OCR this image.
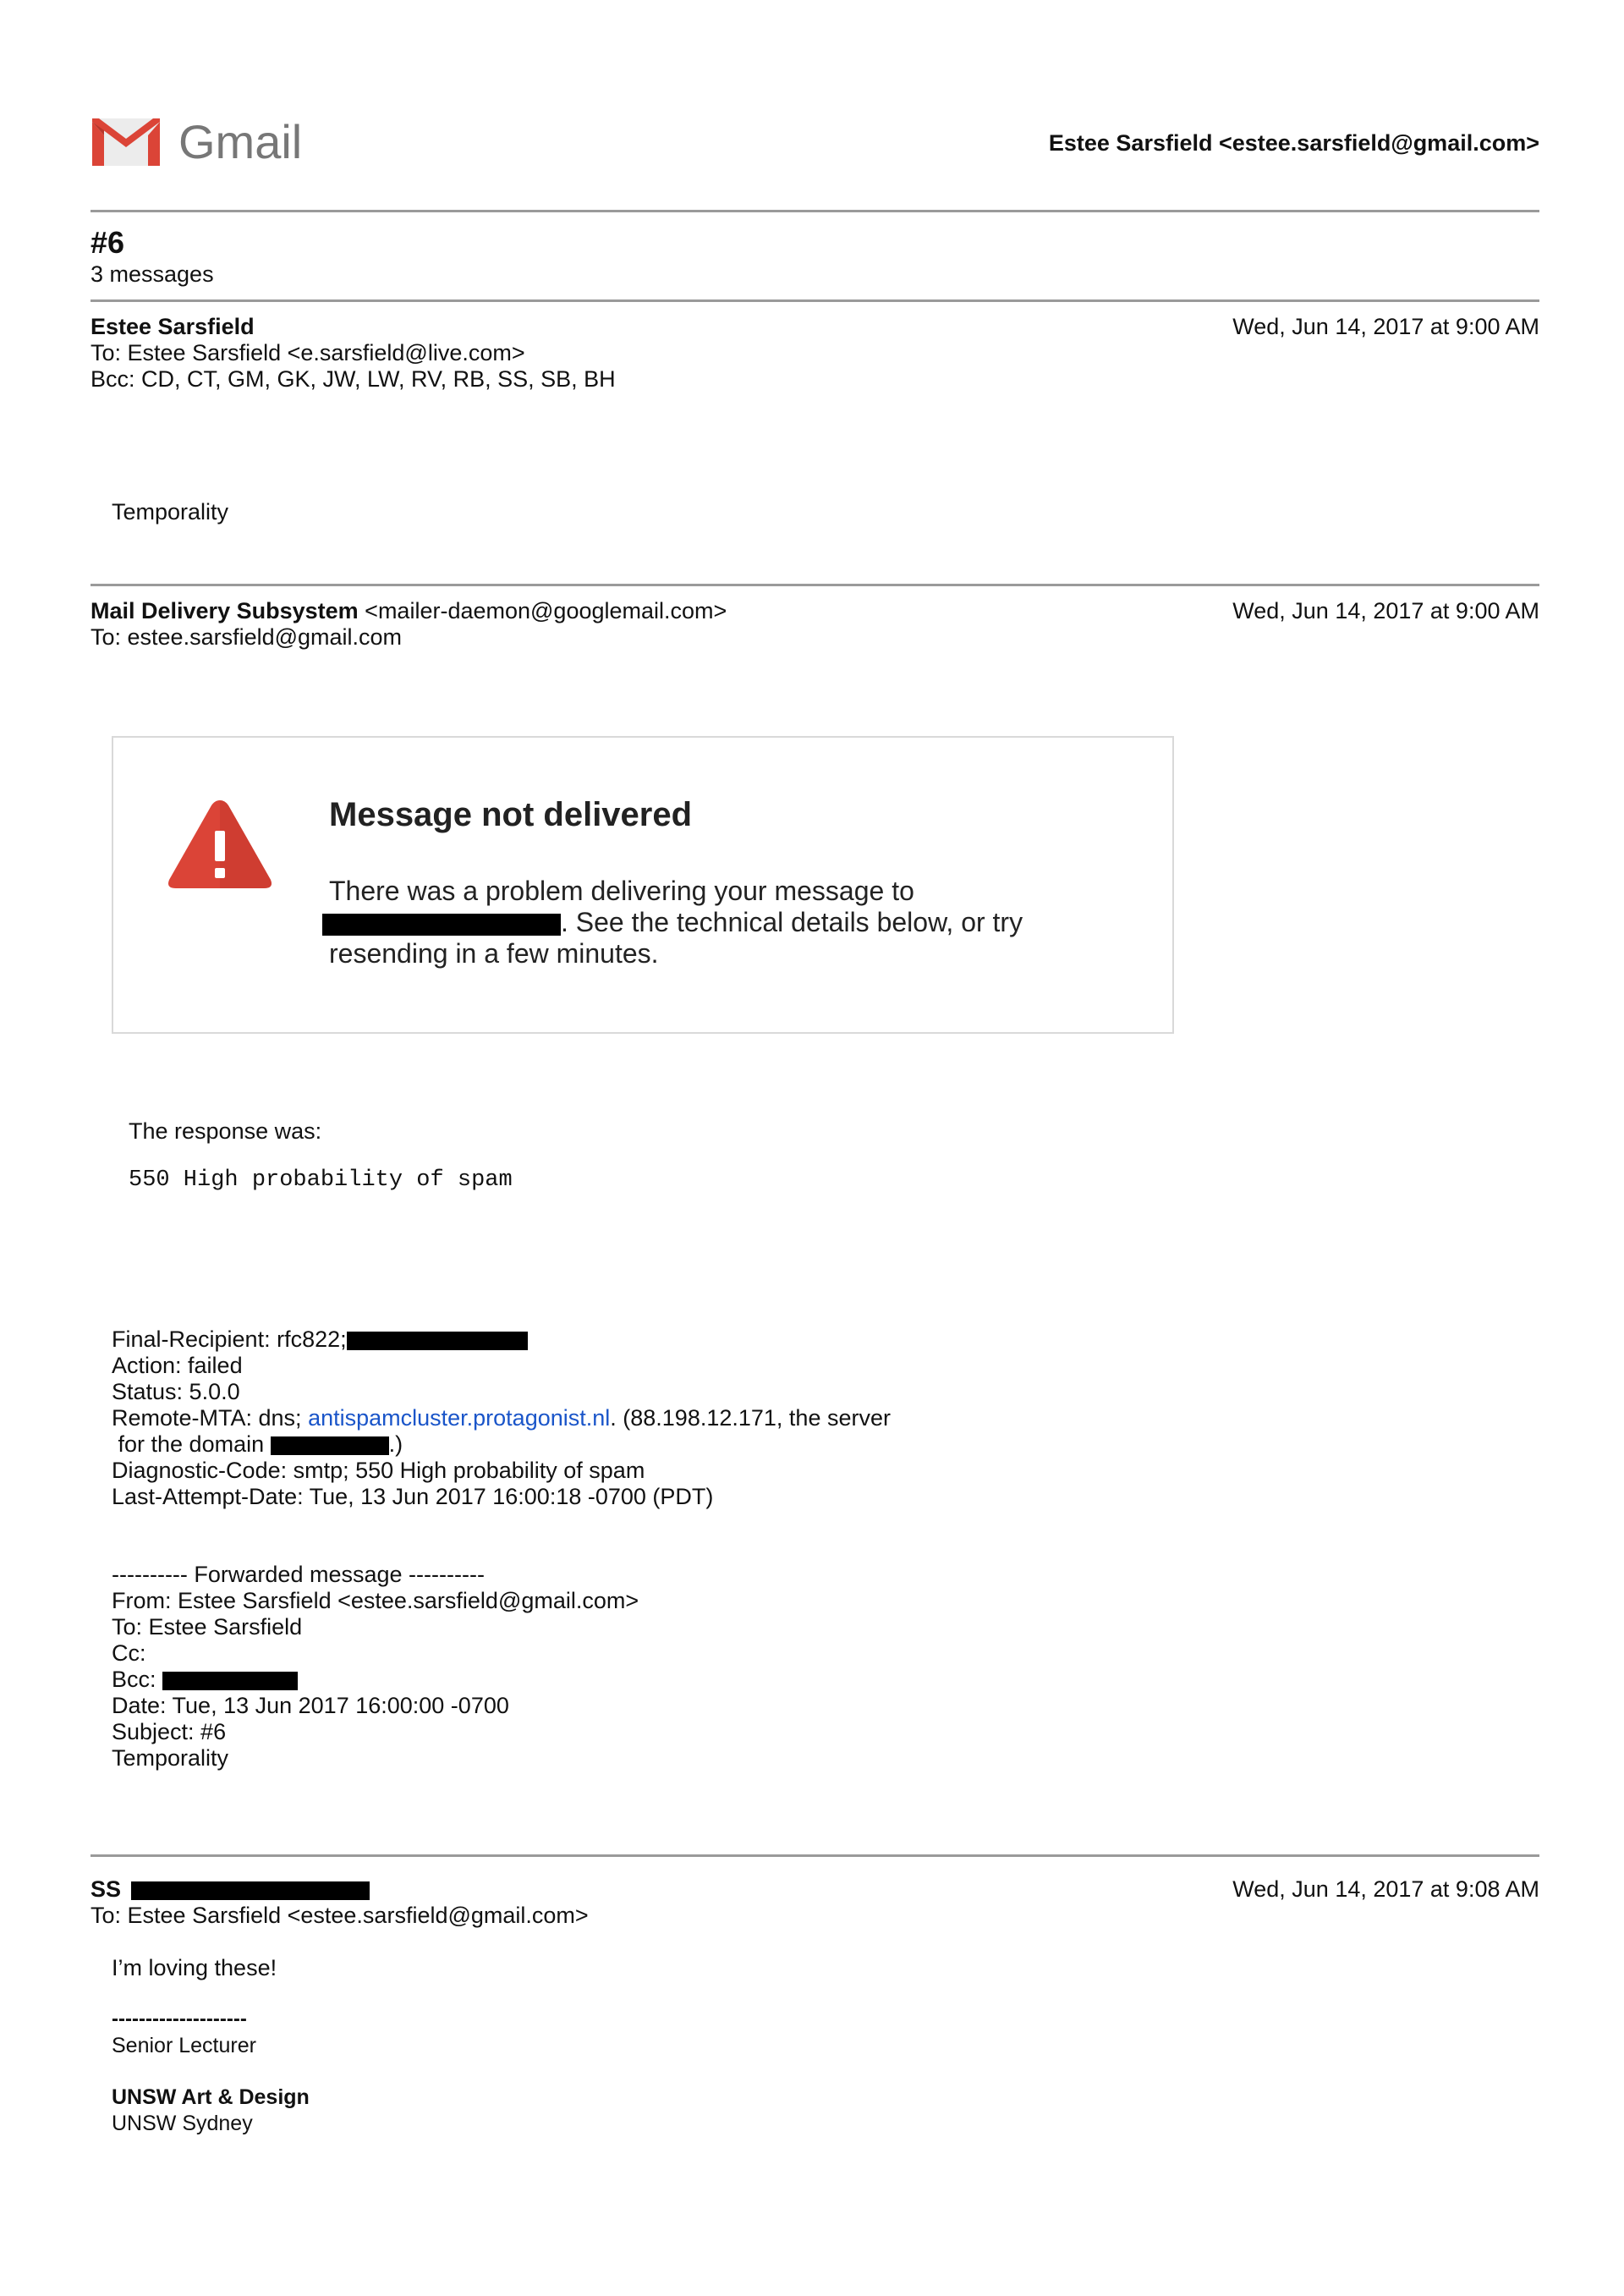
Gmail	Estee Sarsfield <estee.sarsfield@gmail.com>
#6
3 messages
Estee Sarsfield	Wed, Jun 14, 2017 at 9:00 AM
To: Estee Sarsfield <e.sarsfield@live.com>
Bcc: CD, CT, GM, GK, JW, LW, RV, RB, SS, SB, BH
Temporality
Mail Delivery Subsystem <mailer-daemon@googlemail.com>	Wed, Jun 14, 2017 at 9:00 AM
To: estee.sarsfield@gmail.com
Message not delivered
There was a problem delivering your message to
. See the technical details below, or try
resending in a few minutes.
The response was:
550 High probability of spam
Final-Recipient: rfc822;
Action: failed
Status: 5.0.0
Remote-MTA: dns; antispamcluster.protagonist.nl. (88.198.12.171, the server
for the domain	.)
Diagnostic-Code: smtp; 550 High probability of spam
Last-Attempt-Date: Tue, 13 Jun 2017 16:00:18 -0700 (PDT)
---------- Forwarded message ----------
From: Estee Sarsfield <estee.sarsfield@gmail.com>
To: Estee Sarsfield
Cc:
Bcc:
Date: Tue, 13 Jun 2017 16:00:00 -0700
Subject: #6
Temporality
SS	Wed, Jun 14, 2017 at 9:08 AM
To: Estee Sarsfield <estee.sarsfield@gmail.com>
I’m loving these!
--------------------
Senior Lecturer
UNSW Art & Design
UNSW Sydney
